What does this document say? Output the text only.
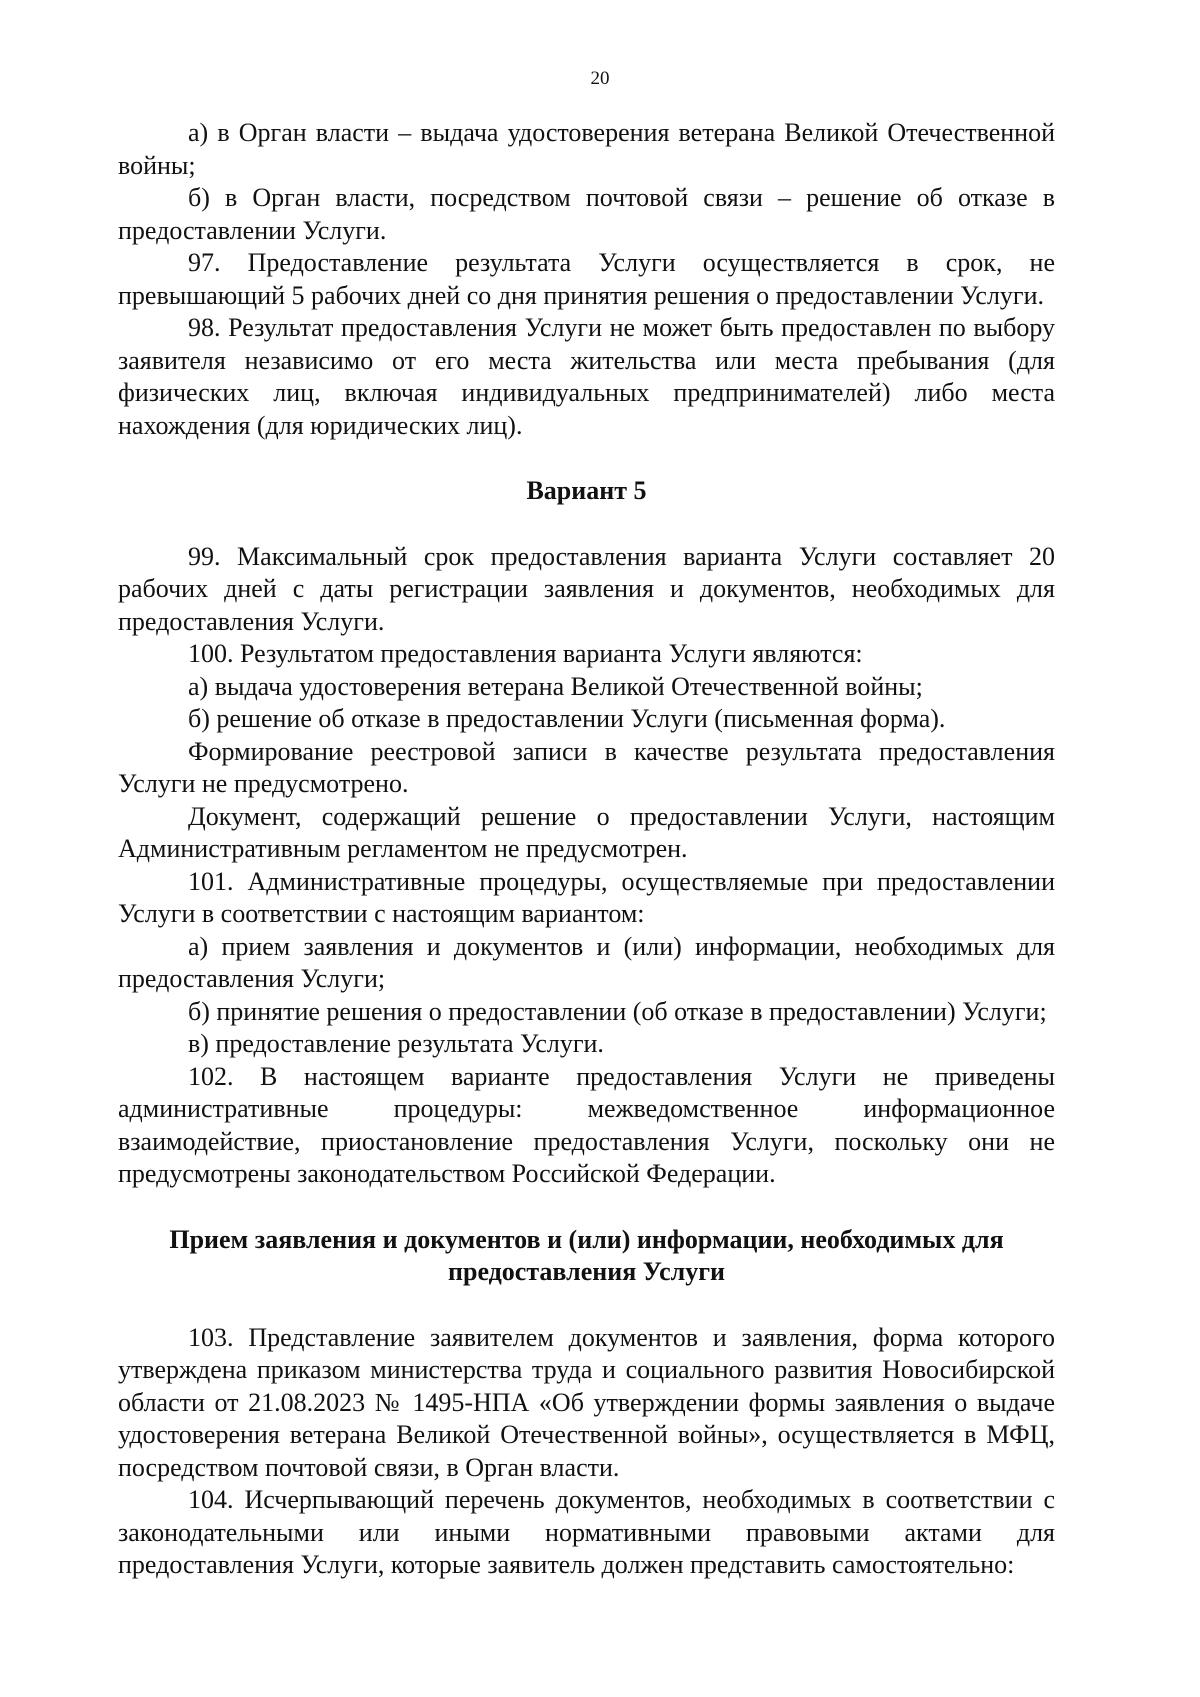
20

а) в Орган власти – выдача удостоверения ветерана Великой Отечественной войны;

б) в Орган власти, посредством почтовой связи – решение об отказе в предоставлении Услуги.

97. Предоставление результата Услуги осуществляется в срок, не превышающий 5 рабочих дней со дня принятия решения о предоставлении Услуги.

98. Результат предоставления Услуги не может быть предоставлен по выбору заявителя независимо от его места жительства или места пребывания (для физических лиц, включая индивидуальных предпринимателей) либо места нахождения (для юридических лиц).

Вариант 5

99. Максимальный срок предоставления варианта Услуги составляет 20 рабочих дней с даты регистрации заявления и документов, необходимых для предоставления Услуги.

100. Результатом предоставления варианта Услуги являются:

а) выдача удостоверения ветерана Великой Отечественной войны;

б) решение об отказе в предоставлении Услуги (письменная форма).

Формирование реестровой записи в качестве результата предоставления Услуги не предусмотрено.

Документ, содержащий решение о предоставлении Услуги, настоящим Административным регламентом не предусмотрен.

101. Административные процедуры, осуществляемые при предоставлении Услуги в соответствии с настоящим вариантом:

а) прием заявления и документов и (или) информации, необходимых для предоставления Услуги;

б) принятие решения о предоставлении (об отказе в предоставлении) Услуги;

в) предоставление результата Услуги.

102. В настоящем варианте предоставления Услуги не приведены административные процедуры: межведомственное информационное взаимодействие, приостановление предоставления Услуги, поскольку они не предусмотрены законодательством Российской Федерации.

Прием заявления и документов и (или) информации, необходимых для предоставления Услуги

103. Представление заявителем документов и заявления, форма которого утверждена приказом министерства труда и социального развития Новосибирской области от 21.08.2023 № 1495-НПА «Об утверждении формы заявления о выдаче удостоверения ветерана Великой Отечественной войны», осуществляется в МФЦ, посредством почтовой связи, в Орган власти.

104. Исчерпывающий перечень документов, необходимых в соответствии с законодательными или иными нормативными правовыми актами для предоставления Услуги, которые заявитель должен представить самостоятельно:
